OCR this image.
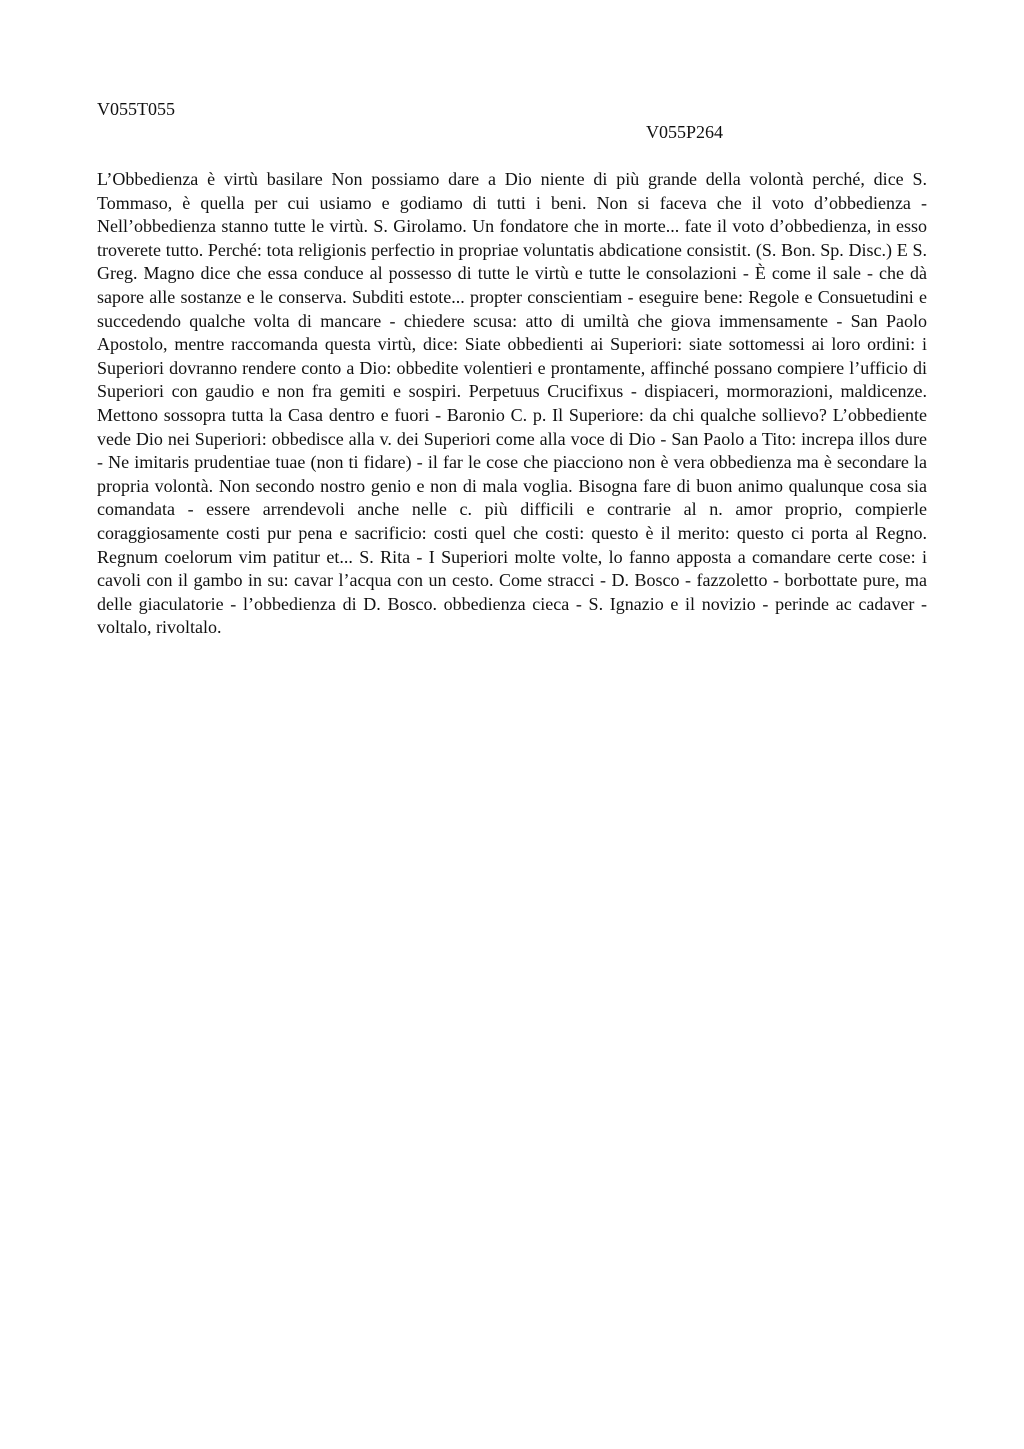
V055T055
V055P264

L’Obbedienza è virtù basilare Non possiamo dare a Dio niente di più grande della volontà perché, dice S. Tommaso, è quella per cui usiamo e godiamo di tutti i beni. Non si faceva che il voto d’obbedienza - Nell’obbedienza stanno tutte le virtù. S. Girolamo. Un fondatore che in morte... fate il voto d’obbedienza, in esso troverete tutto. Perché: tota religionis perfectio in propriae voluntatis abdicatione consistit. (S. Bon. Sp. Disc.) E S. Greg. Magno dice che essa conduce al possesso di tutte le virtù e tutte le consolazioni - È come il sale - che dà sapore alle sostanze e le conserva. Subditi estote... propter conscientiam - eseguire bene: Regole e Consuetudini e succedendo qualche volta di mancare - chiedere scusa: atto di umiltà che giova immensamente - San Paolo Apostolo, mentre raccomanda questa virtù, dice: Siate obbedienti ai Superiori: siate sottomessi ai loro ordini: i Superiori dovranno rendere conto a Dio: obbedite volentieri e prontamente, affinché possano compiere l’ufficio di Superiori con gaudio e non fra gemiti e sospiri. Perpetuus Crucifixus - dispiaceri, mormorazioni, maldicenze. Mettono sossopra tutta la Casa dentro e fuori - Baronio C. p. Il Superiore: da chi qualche sollievo? L’obbediente vede Dio nei Superiori: obbedisce alla v. dei Superiori come alla voce di Dio - San Paolo a Tito: increpa illos dure - Ne imitaris prudentiae tuae (non ti fidare) - il far le cose che piacciono non è vera obbedienza ma è secondare la propria volontà. Non secondo nostro genio e non di mala voglia. Bisogna fare di buon animo qualunque cosa sia comandata - essere arrendevoli anche nelle c. più difficili e contrarie al n. amor proprio, compierle coraggiosamente costi pur pena e sacrificio: costi quel che costi: questo è il merito: questo ci porta al Regno. Regnum coelorum vim patitur et... S. Rita - I Superiori molte volte, lo fanno apposta a comandare certe cose: i cavoli con il gambo in su: cavar l’acqua con un cesto. Come stracci - D. Bosco - fazzoletto - borbottate pure, ma delle giaculatorie - l’obbedienza di D. Bosco. obbedienza cieca - S. Ignazio e il novizio - perinde ac cadaver - voltalo, rivoltalo.
